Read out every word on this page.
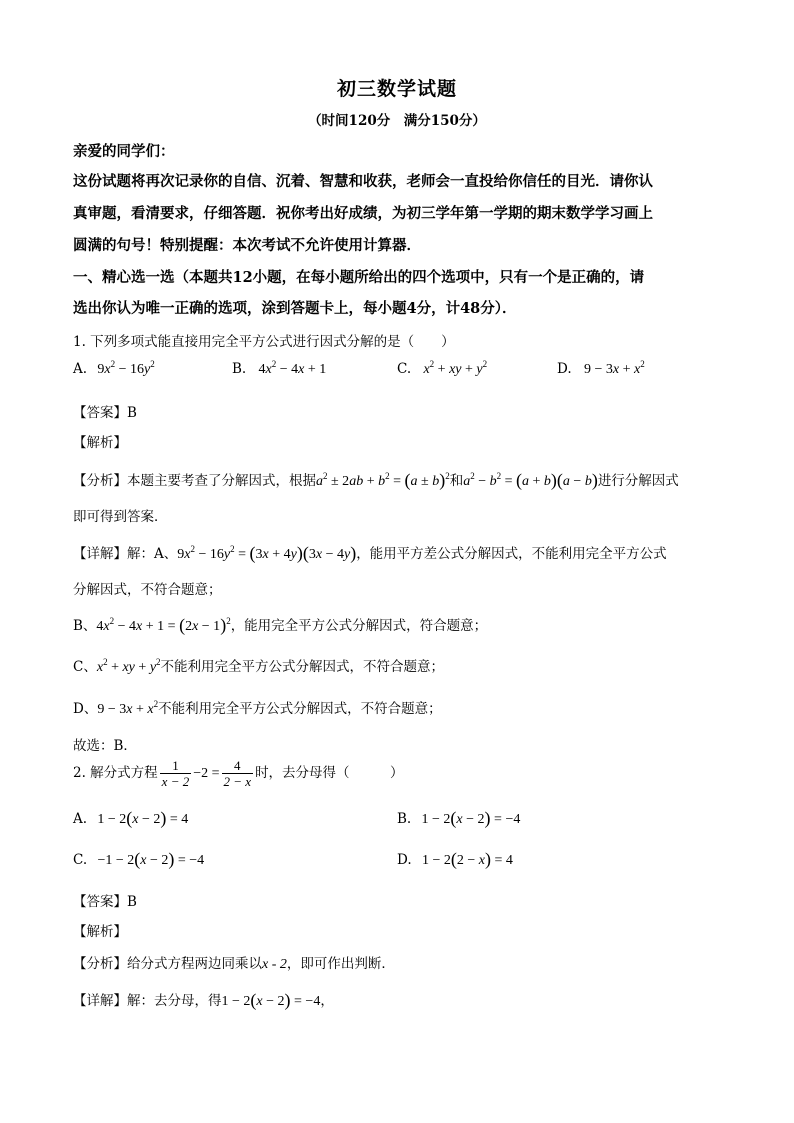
初三数学试题
（时间120分　满分150分）
亲爱的同学们：
这份试题将再次记录你的自信、沉着、智慧和收获，老师会一直投给你信任的目光．请你认
真审题，看清要求，仔细答题．祝你考出好成绩，为初三学年第一学期的期末数学学习画上
圆满的句号！特别提醒：本次考试不允许使用计算器．
一、精心选一选（本题共12小题，在每小题所给出的四个选项中，只有一个是正确的，请
选出你认为唯一正确的选项，涂到答题卡上，每小题4分，计48分）．
1. 下列多项式能直接用完全平方公式进行因式分解的是（　　）
A. $9x^2 - 16y^2$	B. $4x^2 - 4x + 1$	C. $x^2$ + xy + $y^2$	D. $9 - 3x + x^2$
【答案】B
【解析】
【分析】本题主要考查了分解因式，根据$a^2 \pm 2ab + b^2 = (a \pm b)^2$和$a^2 - b^2 = (a + b)(a - b)$进行分解因式
即可得到答案．
【详解】解：A、$9x^2 - 16y^2 = (3x + 4y)(3x - 4y)$，能用平方差公式分解因式，不能利用完全平方公式
分解因式，不符合题意；
B、$4x^2 - 4x + 1 = (2x - 1)^2$，能用完全平方公式分解因式，符合题意；
C、$x^2$ + xy + $y^2$不能利用完全平方公式分解因式，不符合题意；
D、$9 - 3x + x^2$不能利用完全平方公式分解因式，不符合题意；
故选：B．
2. 解分式方程 $\frac{1}{x - 2} -2 = \frac{4}{2 - x}$ 时，去分母得（　　　）
A. 1 − 2(x − 2) = 4	B. 1 − 2(x − 2) = −4
C. −1 − 2(x − 2) = −4	D. 1 − 2(2 − x) = 4
【答案】B
【解析】
【分析】给分式方程两边同乘以x - 2，即可作出判断．
【详解】解：去分母，得1 − 2(x − 2) = −4，
